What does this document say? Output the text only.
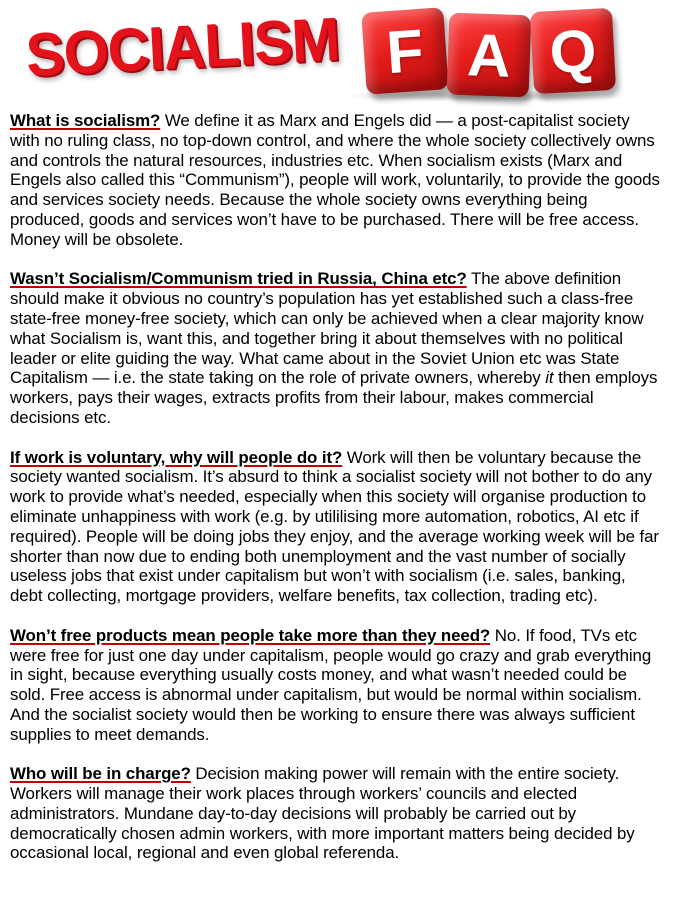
SOCIALISM F A Q

What is socialism? We define it as Marx and Engels did — a post-capitalist society with no ruling class, no top-down control, and where the whole society collectively owns and controls the natural resources, industries etc. When socialism exists (Marx and Engels also called this “Communism”), people will work, voluntarily, to provide the goods and services society needs. Because the whole society owns everything being produced, goods and services won’t have to be purchased. There will be free access. Money will be obsolete.

Wasn’t Socialism/Communism tried in Russia, China etc? The above definition should make it obvious no country’s population has yet established such a class-free state-free money-free society, which can only be achieved when a clear majority know what Socialism is, want this, and together bring it about themselves with no political leader or elite guiding the way. What came about in the Soviet Union etc was State Capitalism — i.e. the state taking on the role of private owners, whereby it then employs workers, pays their wages, extracts profits from their labour, makes commercial decisions etc.

If work is voluntary, why will people do it? Work will then be voluntary because the society wanted socialism. It’s absurd to think a socialist society will not bother to do any work to provide what’s needed, especially when this society will organise production to eliminate unhappiness with work (e.g. by utililising more automation, robotics, AI etc if required). People will be doing jobs they enjoy, and the average working week will be far shorter than now due to ending both unemployment and the vast number of socially useless jobs that exist under capitalism but won’t with socialism (i.e. sales, banking, debt collecting, mortgage providers, welfare benefits, tax collection, trading etc).

Won’t free products mean people take more than they need? No. If food, TVs etc were free for just one day under capitalism, people would go crazy and grab everything in sight, because everything usually costs money, and what wasn’t needed could be sold. Free access is abnormal under capitalism, but would be normal within socialism. And the socialist society would then be working to ensure there was always sufficient supplies to meet demands.

Who will be in charge? Decision making power will remain with the entire society. Workers will manage their work places through workers’ councils and elected administrators. Mundane day-to-day decisions will probably be carried out by democratically chosen admin workers, with more important matters being decided by occasional local, regional and even global referenda.
